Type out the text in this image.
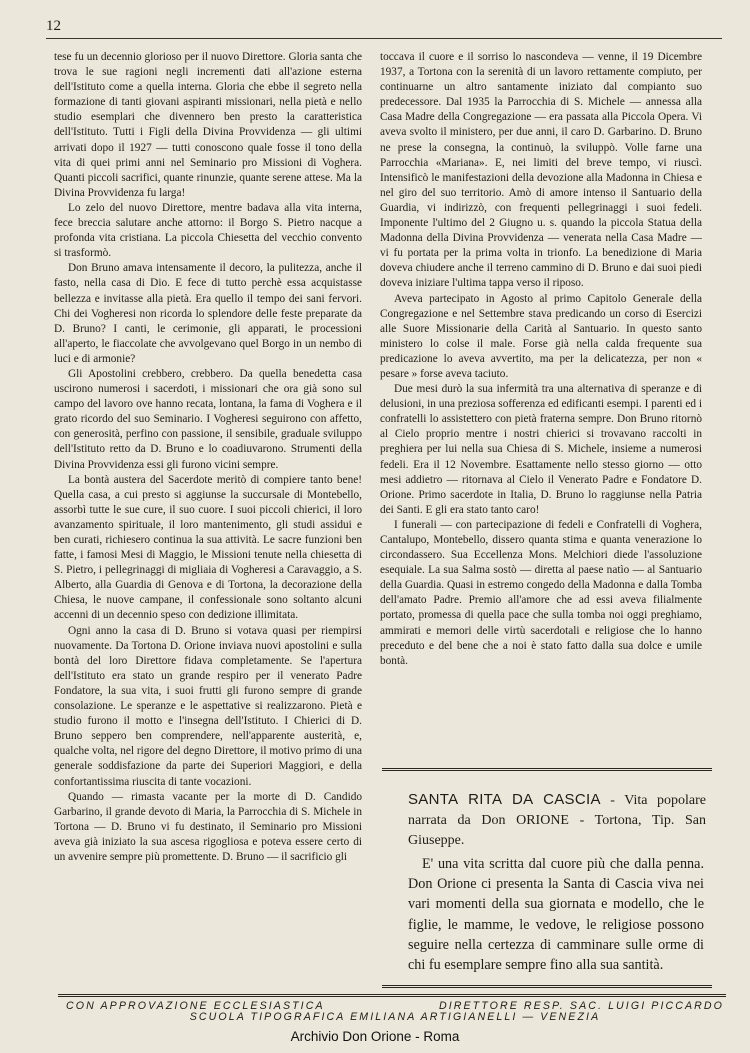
12

tese fu un decennio glorioso per il nuovo Direttore. Gloria santa che trova le sue ragioni negli incrementi dati all'azione esterna dell'Istituto come a quella interna. Gloria che ebbe il segreto nella formazione di tanti giovani aspiranti missionari, nella pietà e nello studio esemplari che divennero ben presto la caratteristica dell'Istituto. Tutti i Figli della Divina Provvidenza — gli ultimi arrivati dopo il 1927 — tutti conoscono quale fosse il tono della vita di quei primi anni nel Seminario pro Missioni di Voghera. Quanti piccoli sacrifici, quante rinunzie, quante serene attese. Ma la Divina Provvidenza fu larga!

Lo zelo del nuovo Direttore, mentre badava alla vita interna, fece breccia salutare anche attorno: il Borgo S. Pietro nacque a profonda vita cristiana. La piccola Chiesetta del vecchio convento si trasformò.

Don Bruno amava intensamente il decoro, la pulitezza, anche il fasto, nella casa di Dio. E fece di tutto perchè essa acquistasse bellezza e invitasse alla pietà. Era quello il tempo dei sani fervori. Chi dei Vogheresi non ricorda lo splendore delle feste preparate da D. Bruno? I canti, le cerimonie, gli apparati, le processioni all'aperto, le fiaccolate che avvolgevano quel Borgo in un nembo di luci e di armonie?

Gli Apostolini crebbero, crebbero. Da quella benedetta casa uscirono numerosi i sacerdoti, i missionari che ora già sono sul campo del lavoro ove hanno recata, lontana, la fama di Voghera e il grato ricordo del suo Seminario. I Vogheresi seguirono con affetto, con generosità, perfino con passione, il sensibile, graduale sviluppo dell'Istituto retto da D. Bruno e lo coadiuvarono. Strumenti della Divina Provvidenza essi gli furono vicini sempre.

La bontà austera del Sacerdote meritò di compiere tanto bene! Quella casa, a cui presto si aggiunse la succursale di Montebello, assorbì tutte le sue cure, il suo cuore. I suoi piccoli chierici, il loro avanzamento spirituale, il loro mantenimento, gli studi assidui e ben curati, richiesero continua la sua attività. Le sacre funzioni ben fatte, i famosi Mesi di Maggio, le Missioni tenute nella chiesetta di S. Pietro, i pellegrinaggi di migliaia di Vogheresi a Caravaggio, a S. Alberto, alla Guardia di Genova e di Tortona, la decorazione della Chiesa, le nuove campane, il confessionale sono soltanto alcuni accenni di un decennio speso con dedizione illimitata.

Ogni anno la casa di D. Bruno si votava quasi per riempirsi nuovamente. Da Tortona D. Orione inviava nuovi apostolini e sulla bontà del loro Direttore fidava completamente. Se l'apertura dell'Istituto era stato un grande respiro per il venerato Padre Fondatore, la sua vita, i suoi frutti gli furono sempre di grande consolazione. Le speranze e le aspettative si realizzarono. Pietà e studio furono il motto e l'insegna dell'Istituto. I Chierici di D. Bruno seppero ben comprendere, nell'apparente austerità, e, qualche volta, nel rigore del degno Direttore, il motivo primo di una generale soddisfazione da parte dei Superiori Maggiori, e della confortantissima riuscita di tante vocazioni.

Quando — rimasta vacante per la morte di D. Candido Garbarino, il grande devoto di Maria, la Parrocchia di S. Michele in Tortona — D. Bruno vi fu destinato, il Seminario pro Missioni aveva già iniziato la sua ascesa rigogliosa e poteva essere certo di un avvenire sempre più promettente. D. Bruno — il sacrificio gli

toccava il cuore e il sorriso lo nascondeva — venne, il 19 Dicembre 1937, a Tortona con la serenità di un lavoro rettamente compiuto, per continuarne un altro santamente iniziato dal compianto suo predecessore. Dal 1935 la Parrocchia di S. Michele — annessa alla Casa Madre della Congregazione — era passata alla Piccola Opera. Vi aveva svolto il ministero, per due anni, il caro D. Garbarino. D. Bruno ne prese la consegna, la continuò, la sviluppò. Volle farne una Parrocchia «Mariana». E, nei limiti del breve tempo, vi riuscì. Intensificò le manifestazioni della devozione alla Madonna in Chiesa e nel giro del suo territorio. Amò di amore intenso il Santuario della Guardia, vi indirizzò, con frequenti pellegrinaggi i suoi fedeli. Imponente l'ultimo del 2 Giugno u. s. quando la piccola Statua della Madonna della Divina Provvidenza — venerata nella Casa Madre — vi fu portata per la prima volta in trionfo. La benedizione di Maria doveva chiudere anche il terreno cammino di D. Bruno e dai suoi piedi doveva iniziare l'ultima tappa verso il riposo.

Aveva partecipato in Agosto al primo Capitolo Generale della Congregazione e nel Settembre stava predicando un corso di Esercizi alle Suore Missionarie della Carità al Santuario. In questo santo ministero lo colse il male. Forse già nella calda frequente sua predicazione lo aveva avvertito, ma per la delicatezza, per non « pesare » forse aveva taciuto.

Due mesi durò la sua infermità tra una alternativa di speranze e di delusioni, in una preziosa sofferenza ed edificanti esempi. I parenti ed i confratelli lo assistettero con pietà fraterna sempre. Don Bruno ritornò al Cielo proprio mentre i nostri chierici si trovavano raccolti in preghiera per lui nella sua Chiesa di S. Michele, insieme a numerosi fedeli. Era il 12 Novembre. Esattamente nello stesso giorno — otto mesi addietro — ritornava al Cielo il Venerato Padre e Fondatore D. Orione. Primo sacerdote in Italia, D. Bruno lo raggiunse nella Patria dei Santi. E gli era stato tanto caro!

I funerali — con partecipazione di fedeli e Confratelli di Voghera, Cantalupo, Montebello, dissero quanta stima e quanta venerazione lo circondassero. Sua Eccellenza Mons. Melchiori diede l'assoluzione esequiale. La sua Salma sostò — diretta al paese natìo — al Santuario della Guardia. Quasi in estremo congedo della Madonna e dalla Tomba dell'amato Padre. Premio all'amore che ad essi aveva filialmente portato, promessa di quella pace che sulla tomba noi oggi preghiamo, ammirati e memori delle virtù sacerdotali e religiose che lo hanno preceduto e del bene che a noi è stato fatto dalla sua dolce e umile bontà.

SANTA RITA DA CASCIA - Vita popolare narrata da Don ORIONE - Tortona, Tip. San Giuseppe.

E' una vita scritta dal cuore più che dalla penna. Don Orione ci presenta la Santa di Cascia viva nei vari momenti della sua giornata e modello, che le figlie, le mamme, le vedove, le religiose possono seguire nella certezza di camminare sulle orme di chi fu esemplare sempre fino alla sua santità.

CON APPROVAZIONE ECCLESIASTICA	DIRETTORE RESP. SAC. LUIGI PICCARDO
SCUOLA TIPOGRAFICA EMILIANA ARTIGIANELLI — VENEZIA
Archivio Don Orione - Roma
